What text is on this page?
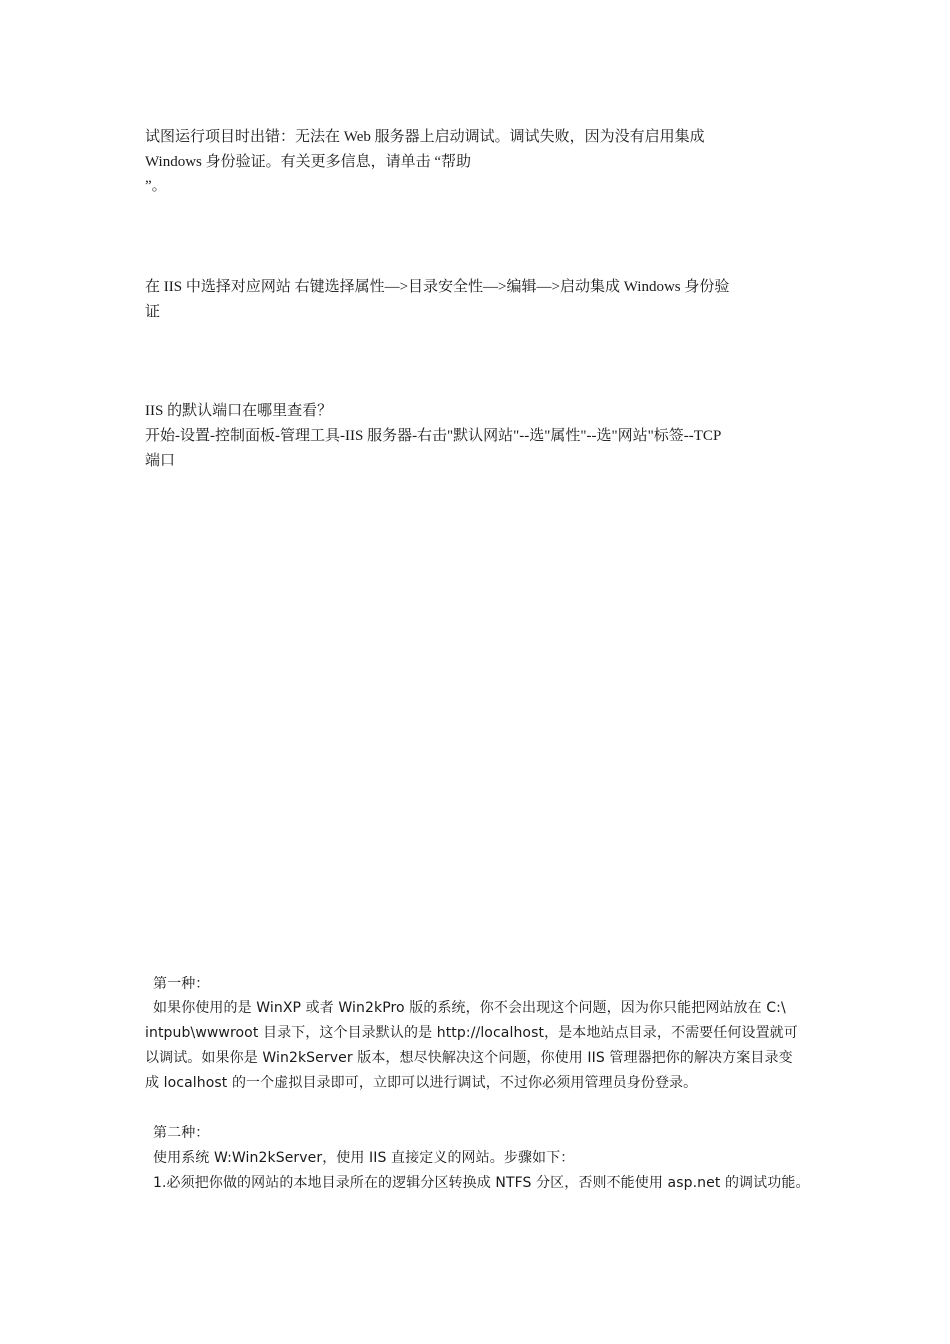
试图运行项目时出错：无法在 Web 服务器上启动调试。调试失败，因为没有启用集成
Windows 身份验证。有关更多信息，请单击 “帮助
”。
在 IIS 中选择对应网站 右键选择属性—>目录安全性—>编辑—>启动集成 Windows 身份验
证
IIS 的默认端口在哪里查看？
开始-设置-控制面板-管理工具-IIS 服务器-右击"默认网站"--选"属性"--选"网站"标签--TCP
端口
第一种：
如果你使用的是 WinXP 或者 Win2kPro 版的系统，你不会出现这个问题，因为你只能把网站放在 C:\
intpub\wwwroot 目录下，这个目录默认的是 http://localhost，是本地站点目录，不需要任何设置就可
以调试。如果你是 Win2kServer 版本，想尽快解决这个问题，你使用 IIS 管理器把你的解决方案目录变
成 localhost 的一个虚拟目录即可，立即可以进行调试，不过你必须用管理员身份登录。
第二种：
使用系统 W:Win2kServer，使用 IIS 直接定义的网站。步骤如下：
1.必须把你做的网站的本地目录所在的逻辑分区转换成 NTFS 分区，否则不能使用 asp.net 的调试功能。
